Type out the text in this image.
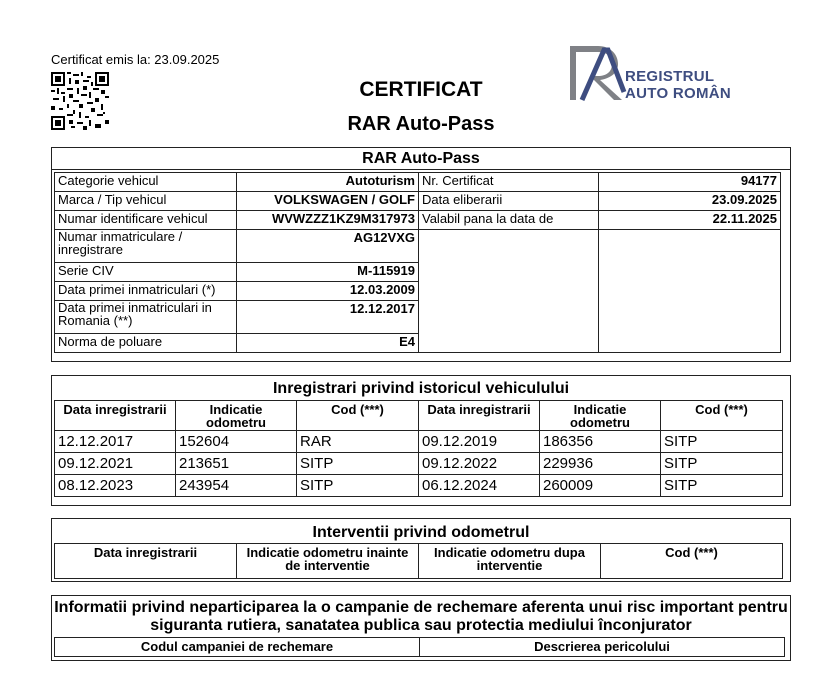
Certificat emis la: 23.09.2025
CERTIFICAT
RAR Auto-Pass
REGISTRUL
AUTO ROMÂN
RAR Auto-Pass
Categorie vehicul	Autoturism	Nr. Certificat	94177
Marca / Tip vehicul	VOLKSWAGEN / GOLF	Data eliberarii	23.09.2025
Numar identificare vehicul	WVWZZZ1KZ9M317973	Valabil pana la data de	22.11.2025
Numar inmatriculare / inregistrare	AG12VXG		
Serie CIV	M-115919		
Data primei inmatriculari (*)	12.03.2009		
Data primei inmatriculari in Romania (**)	12.12.2017		
Norma de poluare	E4		
Inregistrari privind istoricul vehiculului
Data inregistrarii	Indicatie odometru	Cod (***)	Data inregistrarii	Indicatie odometru	Cod (***)
12.12.2017	152604	RAR	09.12.2019	186356	SITP
09.12.2021	213651	SITP	09.12.2022	229936	SITP
08.12.2023	243954	SITP	06.12.2024	260009	SITP
Interventii privind odometrul
Data inregistrarii	Indicatie odometru inainte de interventie	Indicatie odometru dupa interventie	Cod (***)
Informatii privind neparticiparea la o campanie de rechemare aferenta unui risc important pentru siguranta rutiera, sanatatea publica sau protectia mediului înconjurator
Codul campaniei de rechemare	Descrierea pericolului
